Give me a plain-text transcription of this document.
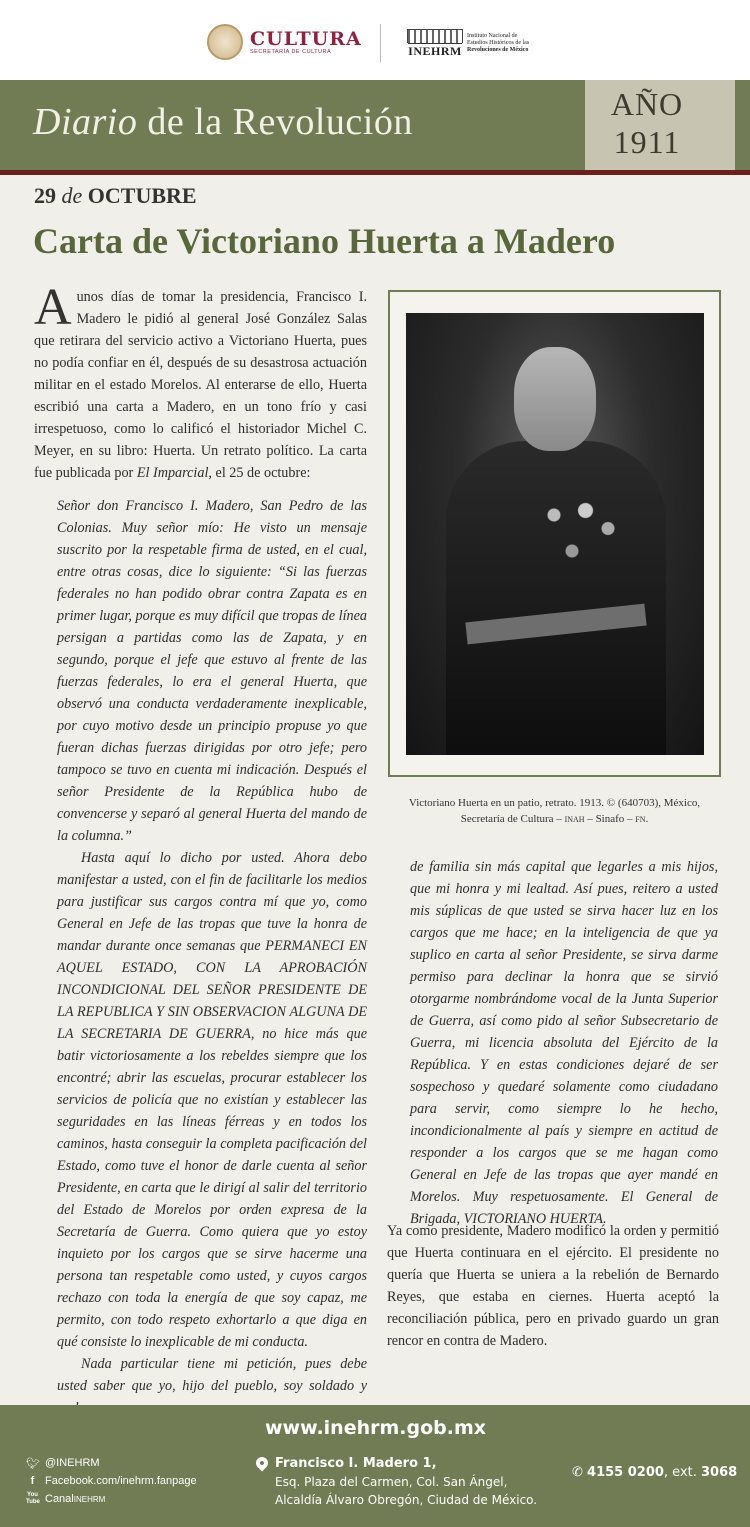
CULTURA
SECRETARÍA DE CULTURA	INEHRM
Instituto Nacional de
Estudios Históricos de las
Revoluciones de México
Diario de la Revolución	AÑO
1911
29 de OCTUBRE
Carta de Victoriano Huerta a Madero

Aunos días de tomar la presidencia, Francisco I. Madero le pidió al general José González Salas que retirara del servicio activo a Victoriano Huerta, pues no podía confiar en él, después de su desastrosa actuación militar en el estado Morelos. Al enterarse de ello, Huerta escribió una carta a Madero, en un tono frío y casi irrespetuoso, como lo calificó el historiador Michel C. Meyer, en su libro: Huerta. Un retrato político. La carta fue publicada por El Imparcial, el 25 de octubre:

Señor don Francisco I. Madero, San Pedro de las Colonias. Muy señor mío: He visto un mensaje suscrito por la respetable firma de usted, en el cual, entre otras cosas, dice lo siguiente: “Si las fuerzas federales no han podido obrar contra Zapata es en primer lugar, porque es muy difícil que tropas de línea persigan a partidas como las de Zapata, y en segundo, porque el jefe que estuvo al frente de las fuerzas federales, lo era el general Huerta, que observó una conducta verdaderamente inexplicable, por cuyo motivo desde un principio propuse yo que fueran dichas fuerzas dirigidas por otro jefe; pero tampoco se tuvo en cuenta mi indicación. Después el señor Presidente de la República hubo de convencerse y separó al general Huerta del mando de la columna.”

Hasta aquí lo dicho por usted. Ahora debo manifestar a usted, con el fin de facilitarle los medios para justificar sus cargos contra mí que yo, como General en Jefe de las tropas que tuve la honra de mandar durante once semanas que PERMANECI EN AQUEL ESTADO, CON LA APROBACIÓN INCONDICIONAL DEL SEÑOR PRESIDENTE DE LA REPUBLICA Y SIN OBSERVACION ALGUNA DE LA SECRETARIA DE GUERRA, no hice más que batir victoriosamente a los rebeldes siempre que los encontré; abrir las escuelas, procurar establecer los servicios de policía que no existían y establecer las seguridades en las líneas férreas y en todos los caminos, hasta conseguir la completa pacificación del Estado, como tuve el honor de darle cuenta al señor Presidente, en carta que le dirigí al salir del territorio del Estado de Morelos por orden expresa de la Secretaría de Guerra. Como quiera que yo estoy inquieto por los cargos que se sirve hacerme una persona tan respetable como usted, y cuyos cargos rechazo con toda la energía de que soy capaz, me permito, con todo respeto exhortarlo a que diga en qué consiste lo inexplicable de mi conducta.

Nada particular tiene mi petición, pues debe usted saber que yo, hijo del pueblo, soy soldado y

Victoriano Huerta en un patio, retrato. 1913. © (640703), México, Secretaría de Cultura – inah – Sinafo – fn.

de familia sin más capital que legarles a mis hijos, que mi honra y mi lealtad. Así pues, reitero a usted mis súplicas de que usted se sirva hacer luz en los cargos que me hace; en la inteligencia de que ya suplico en carta al señor Presidente, se sirva darme permiso para declinar la honra que se sirvió otorgarme nombrándome vocal de la Junta Superior de Guerra, así como pido al señor Subsecretario de Guerra, mi licencia absoluta del Ejército de la República. Y en estas condiciones dejaré de ser sospechoso y quedaré solamente como ciudadano para servir, como siempre lo he hecho, incondicionalmente al país y siempre en actitud de responder a los cargos que se me hagan como General en Jefe de las tropas que ayer mandé en Morelos. Muy respetuosamente. El General de Brigada, VICTORIANO HUERTA.

Ya como presidente, Madero modificó la orden y permitió que Huerta continuara en el ejército. El presidente no quería que Huerta se uniera a la rebelión de Bernardo Reyes, que estaba en ciernes. Huerta aceptó la reconciliación pública, pero en privado guardo un gran rencor en contra de Madero.

www.inehrm.gob.mx
🐦︎ @INEHRM
f Facebook.com/inehrm.fanpage
You Tube Canal INEHRM
Francisco I. Madero 1,
Esq. Plaza del Carmen, Col. San Ángel,
Alcaldía Álvaro Obregón, Ciudad de México.
✆ 4155 0200, ext. 3068
